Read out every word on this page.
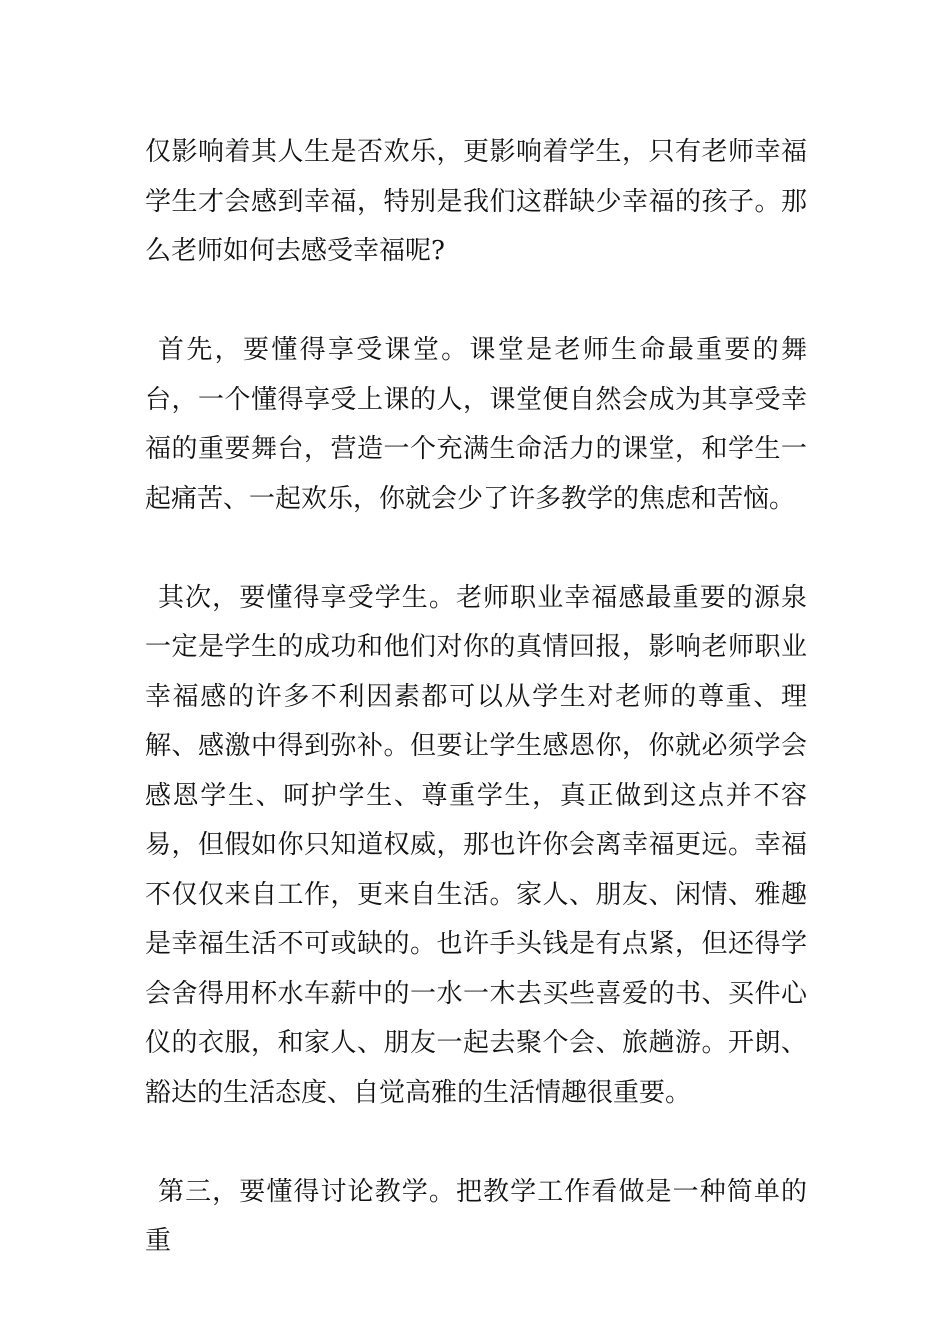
仅影响着其人生是否欢乐，更影响着学生，只有老师幸福学生才会感到幸福，特别是我们这群缺少幸福的孩子。那么老师如何去感受幸福呢?

首先，要懂得享受课堂。课堂是老师生命最重要的舞台，一个懂得享受上课的人，课堂便自然会成为其享受幸福的重要舞台，营造一个充满生命活力的课堂，和学生一起痛苦、一起欢乐，你就会少了许多教学的焦虑和苦恼。

其次，要懂得享受学生。老师职业幸福感最重要的源泉一定是学生的成功和他们对你的真情回报，影响老师职业幸福感的许多不利因素都可以从学生对老师的尊重、理解、感激中得到弥补。但要让学生感恩你，你就必须学会感恩学生、呵护学生、尊重学生，真正做到这点并不容易，但假如你只知道权威，那也许你会离幸福更远。幸福不仅仅来自工作，更来自生活。家人、朋友、闲情、雅趣是幸福生活不可或缺的。也许手头钱是有点紧，但还得学会舍得用杯水车薪中的一水一木去买些喜爱的书、买件心仪的衣服，和家人、朋友一起去聚个会、旅趟游。开朗、豁达的生活态度、自觉高雅的生活情趣很重要。

第三，要懂得讨论教学。把教学工作看做是一种简单的重
